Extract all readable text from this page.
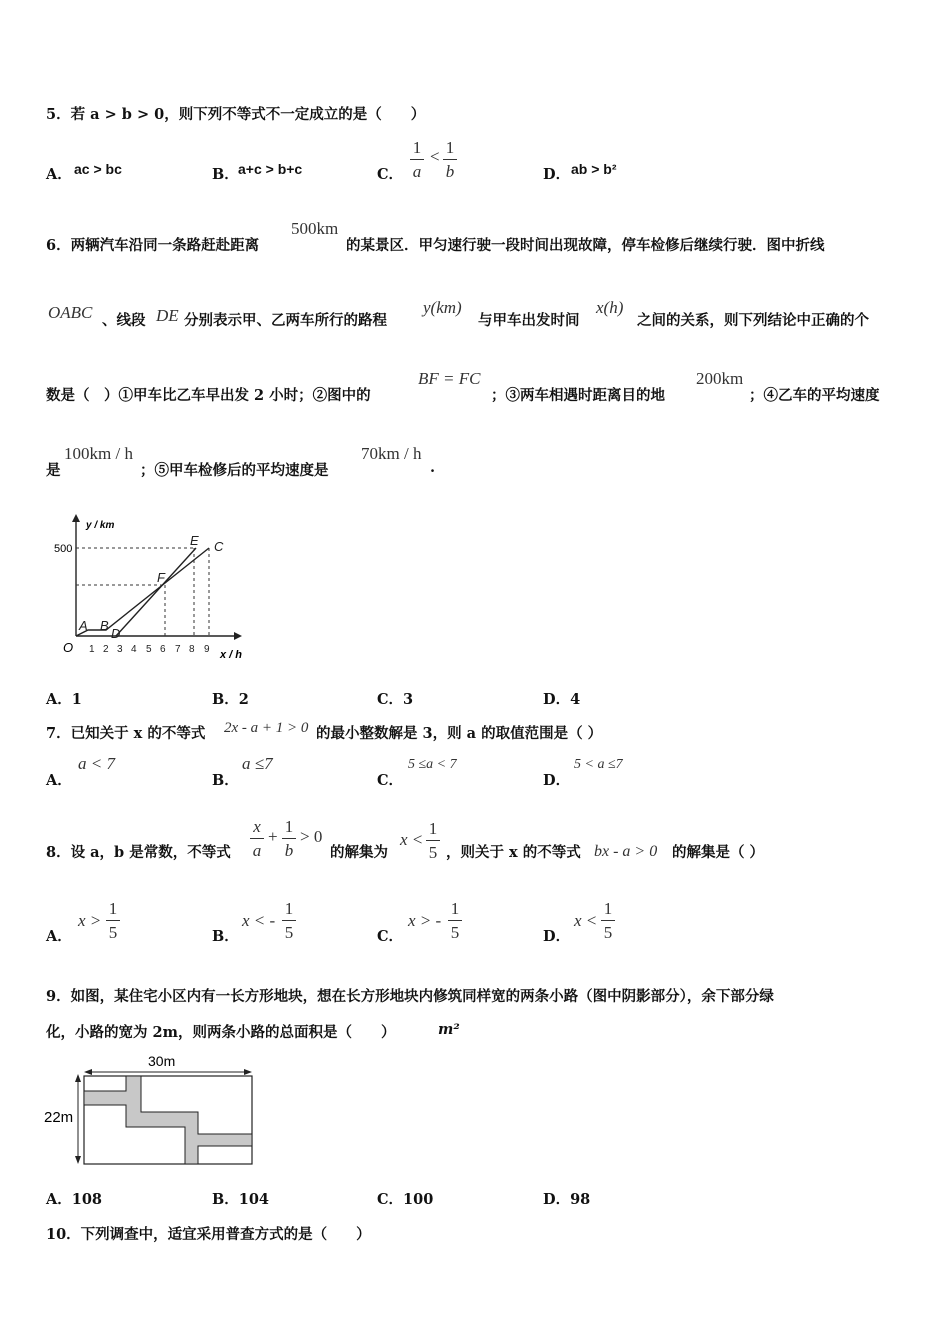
5．若 a > b > 0，则下列不等式不一定成立的是（　　）
A． ac > bc	B． a+c > b+c	C．
1
a
< 1
b	D． ab > b²
6．两辆汽车沿同一条路赶赴距离
500km
的某景区．甲匀速行驶一段时间出现故障，停车检修后继续行驶．图中折线
OABC 、线段 DE 分别表示甲、乙两车所行的路程
y(km)
与甲车出发时间
x(h)
之间的关系，则下列结论中正确的个
数是（　）①甲车比乙车早出发 2 小时；②图中的
BF = FC
；③两车相遇时距离目的地
200km
；④乙车的平均速度
是
100km / h
；⑤甲车检修后的平均速度是
70km / h
.
y / km
x / h
500
O 1 2 3 4 5 6 7 8 9
A B
D
F
E C
A．1	B．2	C．3	D．4
7．已知关于 x 的不等式 2x - a + 1 > 0 的最小整数解是 3，则 a 的取值范围是（ ）
A．
a < 7
B．
a ≤7
C．
5 ≤a < 7
D．
5 < a ≤7
8．设 a，b 是常数，不等式
x
a
+
1
b
> 0
的解集为
x <
1
5 ，则关于 x 的不等式 bx - a > 0 的解集是（ ）
A．
x >
1
5	B．
x < -
1
5	C．
x > -
1
5	D．
x <
1
5
9．如图，某住宅小区内有一长方形地块，想在长方形地块内修筑同样宽的两条小路（图中阴影部分），余下部分绿
化，小路的宽为 2m，则两条小路的总面积是（　　）	m²
30m
22m
A．108	B．104	C．100	D．98
10．下列调查中，适宜采用普查方式的是（　　）
